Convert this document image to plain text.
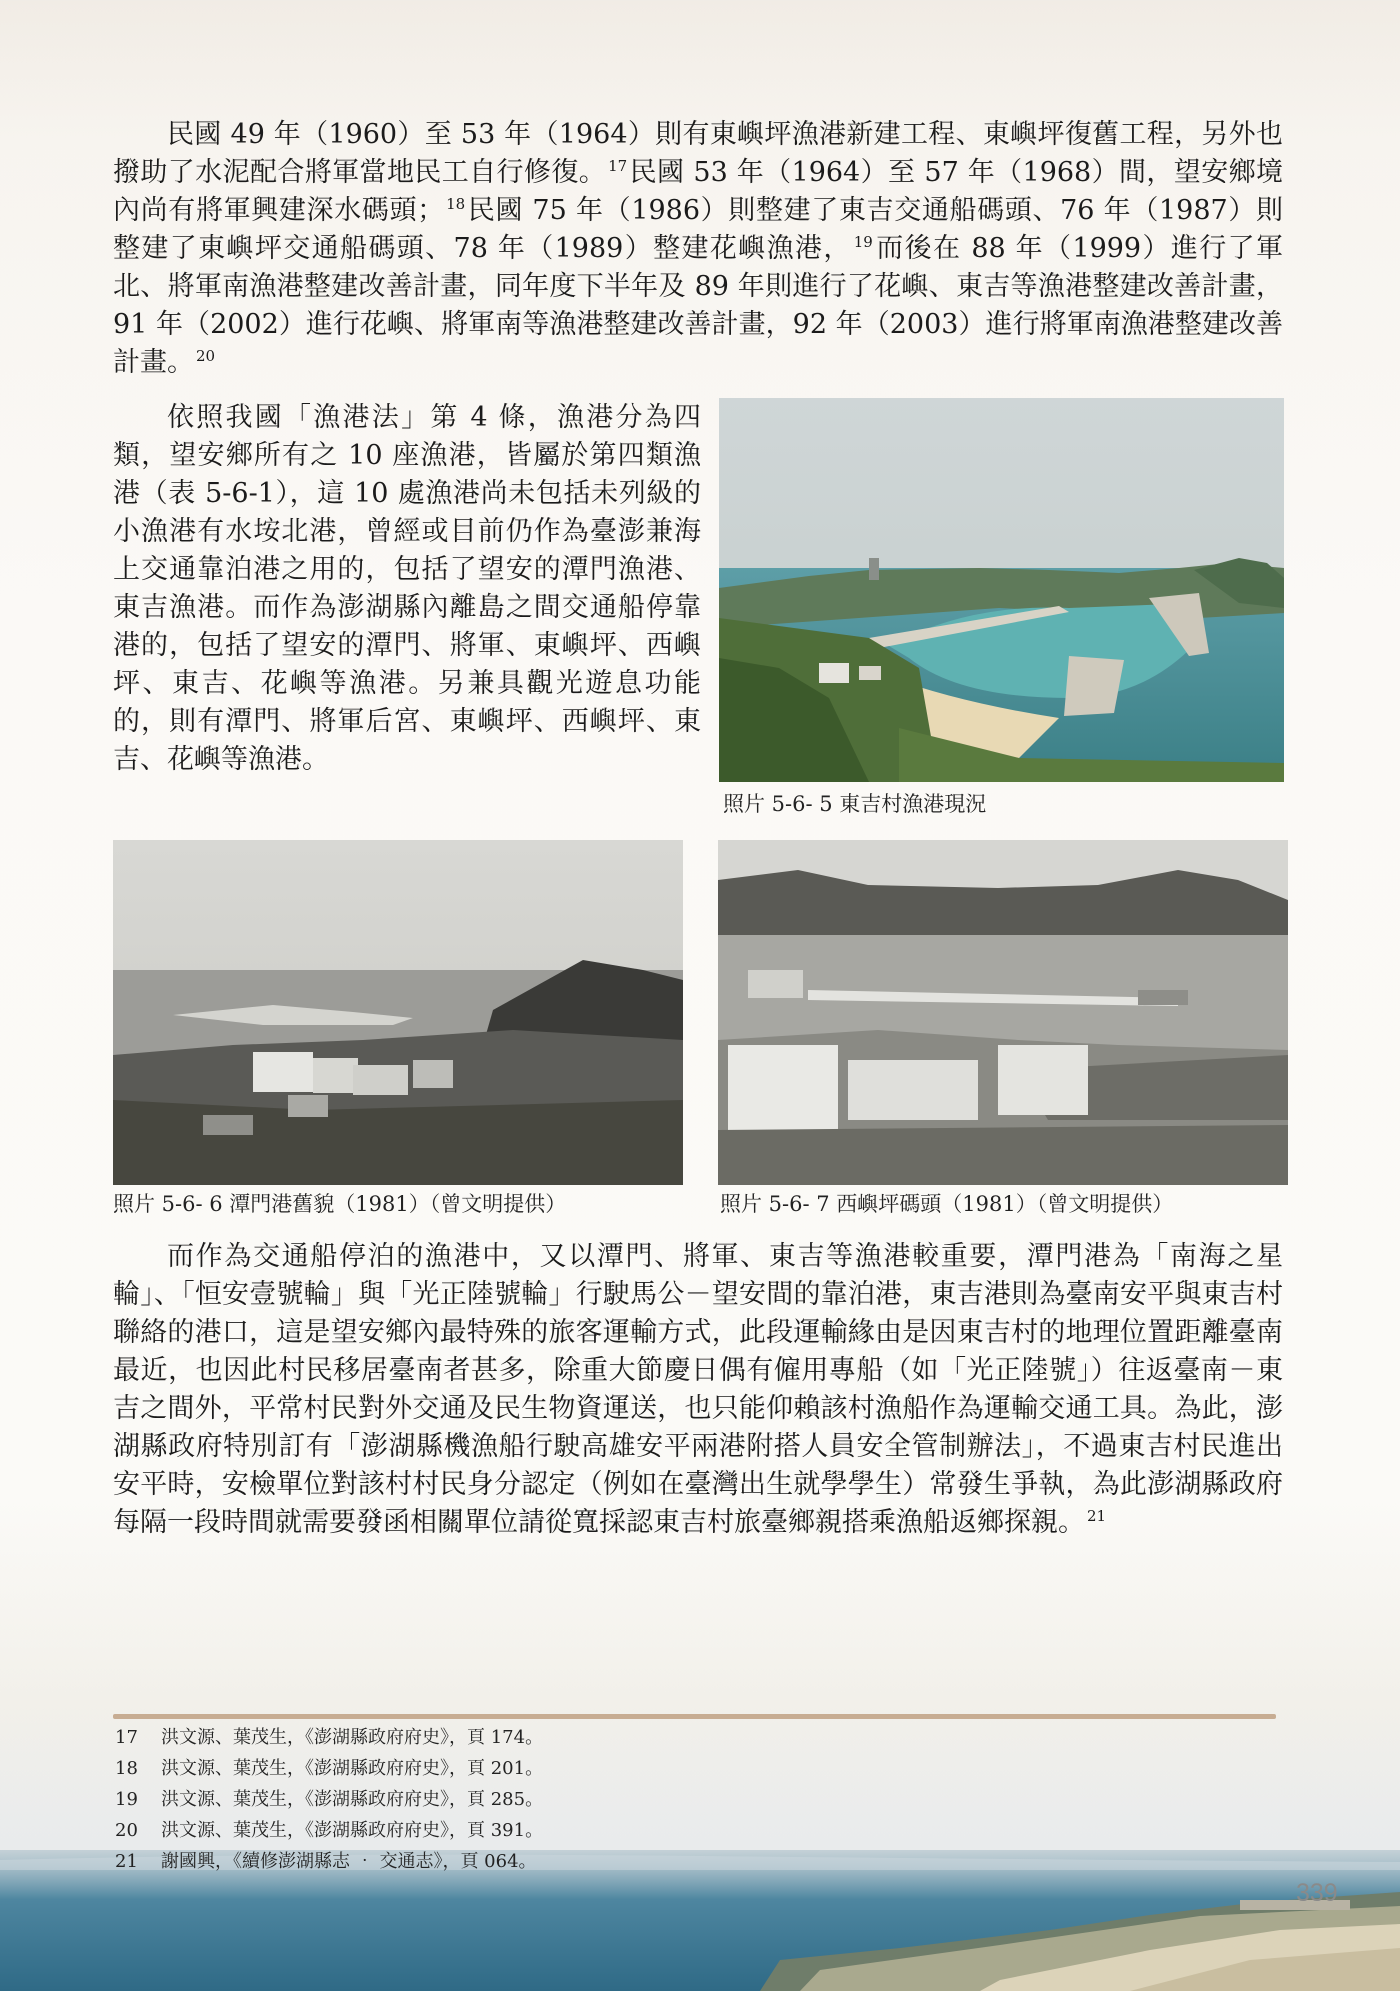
民國 49 年（1960）至 53 年（1964）則有東嶼坪漁港新建工程、東嶼坪復舊工程，另外也撥助了水泥配合將軍當地民工自行修復。 $^{17}$民國 53 年（1964）至 57 年（1968）間，望安鄉境內尚有將軍興建深水碼頭； $^{18}$民國 75 年（1986）則整建了東吉交通船碼頭、76 年（1987）則整建了東嶼坪交通船碼頭、78 年（1989）整建花嶼漁港， $^{19}$而後在 88 年（1999）進行了軍北、將軍南漁港整建改善計畫，同年度下半年及 89 年則進行了花嶼、東吉等漁港整建改善計畫，91 年（2002）進行花嶼、將軍南等漁港整建改善計畫，92 年（2003）進行將軍南漁港整建改善計畫。 $^{20}$
依照我國「漁港法」第 4 條，漁港分為四類，望安鄉所有之 10 座漁港，皆屬於第四類漁港（表 5-6-1），這 10 處漁港尚未包括未列級的小漁港有水垵北港，曾經或目前仍作為臺澎兼海上交通靠泊港之用的，包括了望安的潭門漁港、東吉漁港。而作為澎湖縣內離島之間交通船停靠港的，包括了望安的潭門、將軍、東嶼坪、西嶼坪、東吉、花嶼等漁港。另兼具觀光遊息功能的，則有潭門、將軍后宮、東嶼坪、西嶼坪、東吉、花嶼等漁港。
照片 5-6- 5 東吉村漁港現況
照片 5-6- 6 潭門港舊貌（1981）（曾文明提供）	照片 5-6- 7 西嶼坪碼頭（1981）（曾文明提供）
而作為交通船停泊的漁港中，又以潭門、將軍、東吉等漁港較重要，潭門港為「南海之星輪」、「恒安壹號輪」與「光正陸號輪」行駛馬公－望安間的靠泊港，東吉港則為臺南安平與東吉村聯絡的港口，這是望安鄉內最特殊的旅客運輸方式，此段運輸緣由是因東吉村的地理位置距離臺南最近，也因此村民移居臺南者甚多，除重大節慶日偶有僱用專船（如「光正陸號」）往返臺南－東吉之間外，平常村民對外交通及民生物資運送，也只能仰賴該村漁船作為運輸交通工具。為此，澎湖縣政府特別訂有「澎湖縣機漁船行駛高雄安平兩港附搭人員安全管制辦法」，不過東吉村民進出安平時，安檢單位對該村村民身分認定（例如在臺灣出生就學學生）常發生爭執，為此澎湖縣政府每隔一段時間就需要發函相關單位請從寬採認東吉村旅臺鄉親搭乘漁船返鄉探親。 $^{21}$
17 洪文源、葉茂生，《澎湖縣政府府史》，頁 174。
18 洪文源、葉茂生，《澎湖縣政府府史》，頁 201。
19 洪文源、葉茂生，《澎湖縣政府府史》，頁 285。
20 洪文源、葉茂生，《澎湖縣政府府史》，頁 391。
21 謝國興，《續修澎湖縣志 ‧ 交通志》，頁 064。
339
